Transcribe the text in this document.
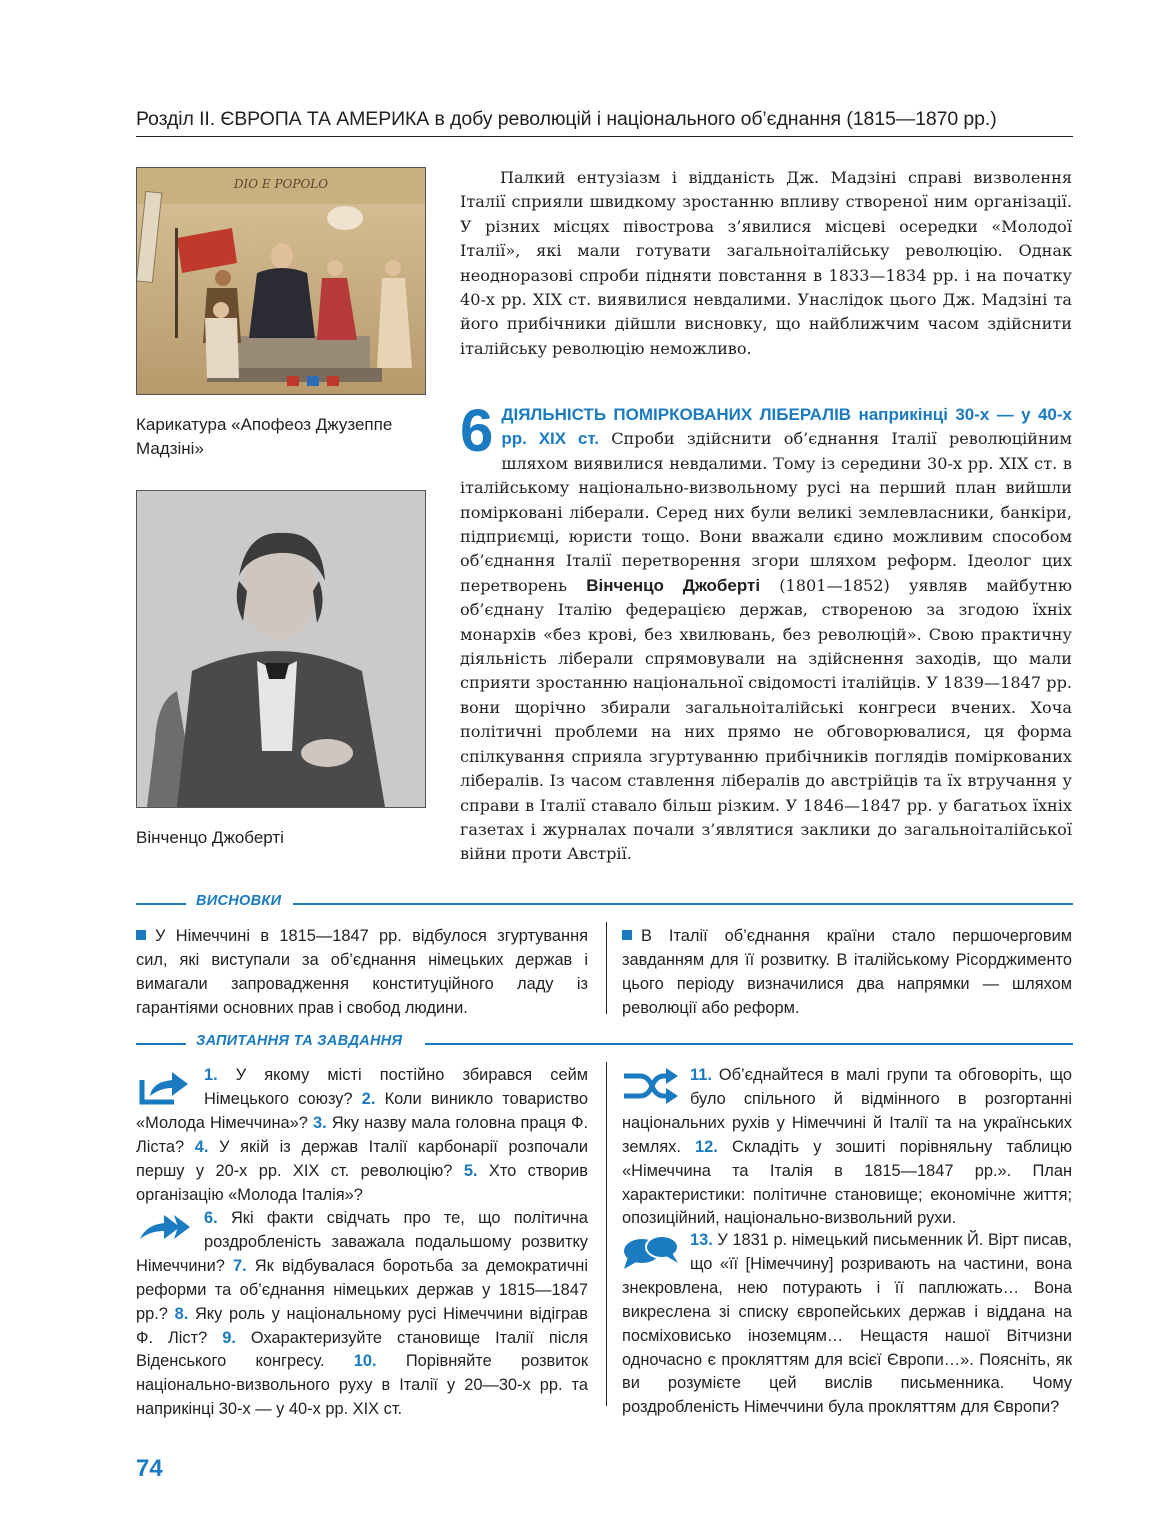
Розділ ІІ. ЄВРОПА ТА АМЕРИКА в добу революцій і національного об’єднання (1815—1870 рр.)
DIO E POPOLO
Карикатура «Апофеоз Джузеппе Мадзіні»
Вінченцо Джоберті

Палкий ентузіазм і відданість Дж. Мадзіні справі визволення Італії сприяли швидкому зростанню впливу створеної ним організації. У різних місцях півострова з’явилися місцеві осередки «Молодої Італії», які мали готувати загальноіталійську революцію. Однак неодноразові спроби підняти повстання в 1833—1834 рр. і на початку 40-х рр. XIX ст. виявилися невдалими. Унаслідок цього Дж. Мадзіні та його прибічники дійшли висновку, що найближчим часом здійснити італійську революцію неможливо.

6 ДІЯЛЬНІСТЬ ПОМІРКОВАНИХ ЛІБЕРАЛІВ наприкінці 30-х — у 40-х рр. XIX ст. Спроби здійснити об’єднання Італії революційним шляхом виявилися невдалими. Тому із середини 30-х рр. XIX ст. в італійському національно-визвольному русі на перший план вийшли помірковані ліберали. Серед них були великі землевласники, банкіри, підприємці, юристи тощо. Вони вважали єдино можливим способом об’єднання Італії перетворення згори шляхом реформ. Ідеолог цих перетворень Вінченцо Джоберті (1801—1852) уявляв майбутню об’єднану Італію федерацією держав, створеною за згодою їхніх монархів «без крові, без хвилювань, без революцій». Свою практичну діяльність ліберали спрямовували на здійснення заходів, що мали сприяти зростанню національної свідомості італійців. У 1839—1847 рр. вони щорічно збирали загальноіталійські конгреси вчених. Хоча політичні проблеми на них прямо не обговорювалися, ця форма спілкування сприяла згуртуванню прибічників поглядів поміркованих лібералів. Із часом ставлення лібералів до австрійців та їх втручання у справи в Італії ставало більш різким. У 1846—1847 рр. у багатьох їхніх газетах і журналах почали з’являтися заклики до загальноіталійської війни проти Австрії.

ВИСНОВКИ

У Німеччині в 1815—1847 рр. відбулося згуртування сил, які виступали за об’єднання німецьких держав і вимагали запровадження конституційного ладу із гарантіями основних прав і свобод людини.

В Італії об’єднання країни стало першочерговим завданням для її розвитку. В італійському Рісорджименто цього періоду визначилися два напрямки — шляхом революції або реформ.

ЗАПИТАННЯ ТА ЗАВДАННЯ
1. У якому місті постійно збирався сейм Німецького союзу? 2. Коли виникло товариство «Молода Німеччина»? 3. Яку назву мала головна праця Ф. Ліста? 4. У якій із держав Італії карбонарії розпочали першу у 20-х рр. XIX ст. революцію? 5. Хто створив організацію «Молода Італія»?
6. Які факти свідчать про те, що політична роздробленість заважала подальшому розвитку Німеччини? 7. Як відбувалася боротьба за демократичні реформи та об’єднання німецьких держав у 1815—1847 рр.? 8. Яку роль у національному русі Німеччини відіграв Ф. Ліст? 9. Охарактеризуйте становище Італії після Віденського конгресу. 10. Порівняйте розвиток національно-визвольного руху в Італії у 20—30-х рр. та наприкінці 30-х — у 40-х рр. XIX ст.
11. Об’єднайтеся в малі групи та обговоріть, що було спільного й відмінного в розгортанні національних рухів у Німеччині й Італії та на українських землях. 12. Складіть у зошиті порівняльну таблицю «Німеччина та Італія в 1815—1847 рр.». План характеристики: політичне становище; економічне життя; опозиційний, національно-визвольний рухи.
13. У 1831 р. німецький письменник Й. Вірт писав, що «її [Німеччину] розривають на частини, вона знекровлена, нею потурають і її паплюжать… Вона викреслена зі списку європейських держав і віддана на посміховисько іноземцям… Нещастя нашої Вітчизни одночасно є прокляттям для всієї Європи…». Поясніть, як ви розумієте цей вислів письменника. Чому роздробленість Німеччини була прокляттям для Європи?
74
